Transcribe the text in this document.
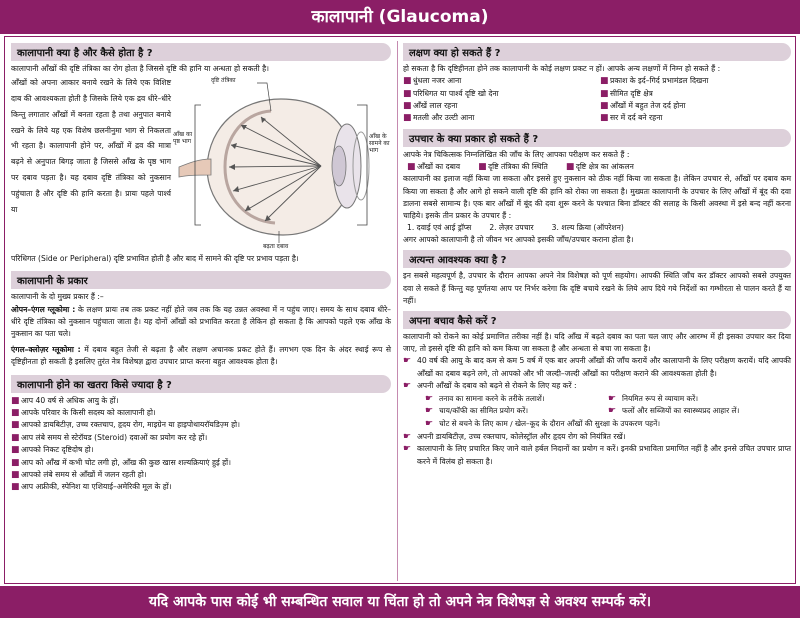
कालापानी (Glaucoma)
कालापानी क्या है और कैसे होता है ?
कालापानी आँखों की दृष्टि तंत्रिका का रोग होता है जिससे दृष्टि की हानि या अन्धता हो सकती है।
आँखों को अपना आकार बनाये रखने के लिये एक विशिष्ट दाब की आवश्यकता होती है जिसके लिये एक द्रव धीरे–धीरे किन्तु लगातार आँखों में बनता रहता है तथा अनुपात बनाये रखने के लिये यह एक विशेष छलनीनुमा भाग से निकलता भी रहता है। कालापानी होने पर, आँखों में द्रव की मात्रा बढ़ने से अनुपात बिगड़ जाता है जिससे आँख के पृष्ठ भाग पर दबाव पड़ता है। यह दबाव दृष्टि तंत्रिका को नुकसान पहुंचाता है और दृष्टि की हानि करता है। प्रायः पहले पार्श्व या
दृष्टि तंत्रिका
आँख का पृष्ठ भाग
आँख के सामने का भाग
बढ़ता दबाव
परिधिगत (Side or Peripheral) दृष्टि प्रभावित होती है और बाद में सामने की दृष्टि पर प्रभाव पड़ता है।
कालापानी के प्रकार
कालापानी के दो मुख्य प्रकार हैं :–
ओपन–एंगल ग्लूकोमा : के लक्षण प्रायः तब तक प्रकट नहीं होते जब तक कि यह उन्नत अवस्था में न पहुंच जाए। समय के साथ दबाव धीरे–धीरे दृष्टि तंत्रिका को नुकसान पहुंचाता जाता है। यह दोनों आँखों को प्रभावित करता है लेकिन हो सकता है कि आपको पहले एक आँख के नुकसान का पता चले।
एंगल–क्लोज़र ग्लूकोमा : में दबाव बहुत तेजी से बढ़ता है और लक्षण अचानक प्रकट होते हैं। लगभग एक दिन के अंदर स्थाई रूप से दृष्टिहीनता हो सकती है इसलिए तुरंत नेत्र विशेषज्ञ द्वारा उपचार प्राप्त करना बहुत आवश्यक होता है।
कालापानी होने का खतरा किसे ज्यादा है ?
■ आप 40 वर्ष से अधिक आयु के हों।
■ आपके परिवार के किसी सदस्य को कालापानी हो।
■ आपको डायबिटीज़, उच्च रक्तचाप, हृदय रोग, माइग्रेन या हाइपोथायरॉयडिज़्म हो।
■ आप लंबे समय से स्टेरॉयड (Steroid) दवाओं का प्रयोग कर रहे हों।
■ आपको निकट दृष्टिदोष हो।
■ आप को आँख में कभी चोट लगी हो, आँख की कुछ खास शल्यक्रियाएं हुई हों।
■ आपको लंबे समय से आँखों में जलन रहती हो।
■ आप अफ्रीकी, स्पेनिश या एशियाई–अमेरिकी मूल के हों।
लक्षण क्या हो सकते हैं ?
हो सकता है कि दृष्टिहीनता होने तक कालापानी के कोई लक्षण प्रकट न हों। आपके अन्य लक्षणों में निम्न हो सकते हैं :
■ धुंधला नजर आना	■ प्रकाश के इर्द–गिर्द प्रभामंडल दिखना
■ परिधिगत या पार्श्व दृष्टि खो देना	■ सीमित दृष्टि क्षेत्र
■ आँखें लाल रहना	■ आँखों में बहुत तेज दर्द होना
■ मतली और उल्टी आना	■ सर में दर्द बने रहना
उपचार के क्या प्रकार हो सकते हैं ?
आपके नेत्र चिकित्सक निम्नलिखित की जाँच के लिए आपका परीक्षण कर सकते हैं :
■ आँखों का दबाव ■ दृष्टि तंत्रिका की स्थिति ■ दृष्टि क्षेत्र का आंकलन
कालापानी का इलाज नहीं किया जा सकता और इससे हुए नुकसान को ठीक नहीं किया जा सकता है। लेकिन उपचार से, आँखों पर दबाव कम किया जा सकता है और आगे हो सकने वाली दृष्टि की हानि को रोका जा सकता है। मुख्यतः कालापानी के उपचार के लिए आँखों में बूंद की दवा डालना सबसे सामान्य है। एक बार आँखों में बूंद की दवा शुरू करने के पश्चात बिना डॉक्टर की सलाह के किसी अवस्था में इसे बन्द नहीं करना चाहिये। इसके तीन प्रकार के उपचार हैं :
1. दवाई एवं आई ड्रॉप्स 2. लेज़र उपचार 3. शल्य क्रिया (ऑपरेशन)
अगर आपको कालापानी है तो जीवन भर आपको इसकी जाँच/उपचार कराना होता है।
अत्यन्त आवश्यक क्या है ?
इन सबसे महत्वपूर्ण है, उपचार के दौरान आपका अपने नेत्र विशेषज्ञ को पूर्ण सहयोग। आपकी स्थिति जाँच कर डॉक्टर आपको सबसे उपयुक्त दवा ले सकते हैं किन्तु यह पूर्णतया आप पर निर्भर करेगा कि दृष्टि बचाये रखने के लिये आप दिये गये निर्देशों का गम्भीरता से पालन करते हैं या नहीं।
अपना बचाव कैसे करें ?
कालापानी को रोकने का कोई प्रमाणित तरीका नहीं है। यदि आँख में बढ़ते दबाव का पता चल जाए और आरम्भ में ही इसका उपचार कर दिया जाए, तो इससे दृष्टि की हानि को कम किया जा सकता है और अन्धता से बचा जा सकता है।
☛ 40 वर्ष की आयु के बाद कम से कम 5 वर्ष में एक बार अपनी आँखों की जाँच करायें और कालापानी के लिए परीक्षण करायें। यदि आपकी आँखों का दबाव बढ़ने लगे, तो आपको और भी जल्दी–जल्दी आँखों का परीक्षण कराने की आवश्यकता होती है।
☛ अपनी आँखों के दबाव को बढ़ने से रोकने के लिए यह करें :
☛ तनाव का सामना करने के तरीके तलाशें।	☛ नियमित रूप से व्यायाम करें।
☛ चाय/कॉफी का सीमित प्रयोग करें।	☛ फलों और सब्जियों का स्वास्थ्यप्रद आहार लें।
☛ चोट से बचने के लिए काम / खेल–कूद के दौरान आँखों की सुरक्षा के उपकरण पहनें।
☛ अपनी डायबिटीज़, उच्च रक्तचाप, कोलेस्ट्रॉल और हृदय रोग को नियंत्रित रखें।
☛ कालापानी के लिए प्रचारित किए जाने वाले हर्बल निदानों का प्रयोग न करें। इनकी प्रभाविता प्रमाणित नहीं है और इनसे उचित उपचार प्राप्त करने में विलंब हो सकता है।

यदि आपके पास कोई भी सम्बन्धित सवाल या चिंता हो तो अपने नेत्र विशेषज्ञ से अवश्य सम्पर्क करें।
